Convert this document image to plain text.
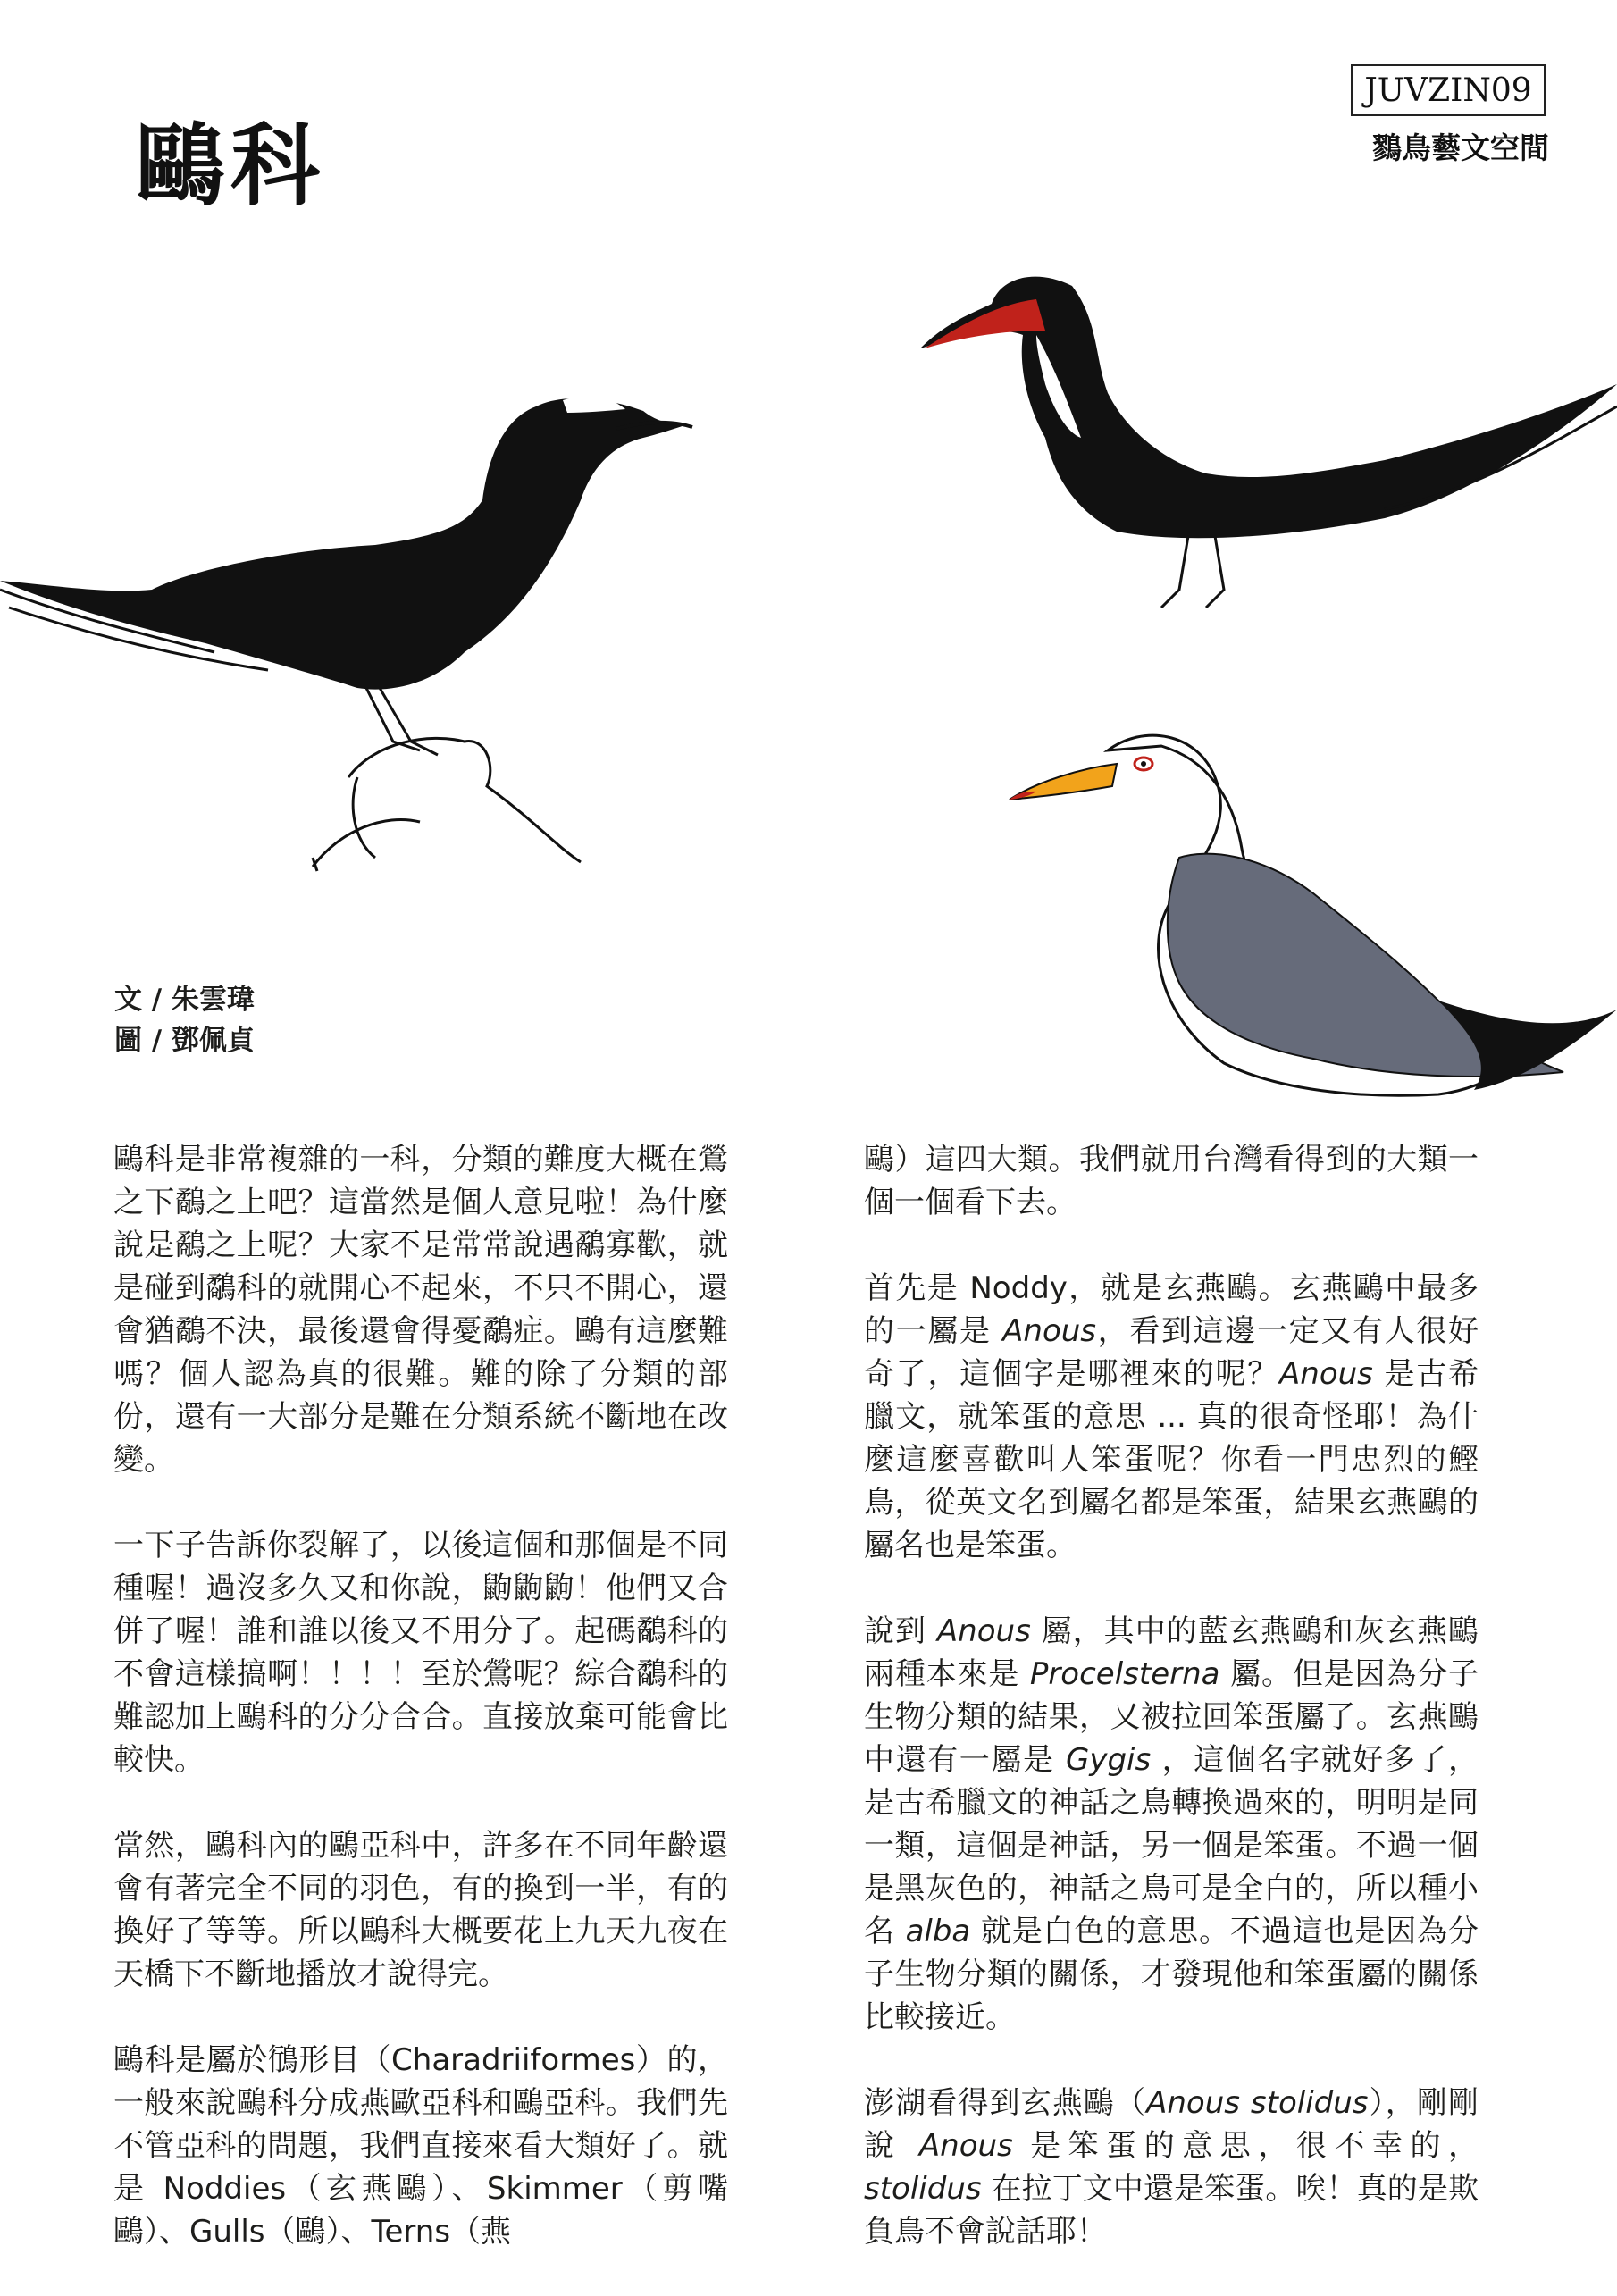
鷗科
JUVZIN09
鷚鳥藝文空間
文 / 朱雲瑋
圖 / 鄧佩貞

鷗科是非常複雜的一科，分類的難度大概在鶯之下鷸之上吧？這當然是個人意見啦！為什麼說是鷸之上呢？大家不是常常說遇鷸寡歡，就是碰到鷸科的就開心不起來，不只不開心，還會猶鷸不決，最後還會得憂鷸症。鷗有這麼難嗎？個人認為真的很難。難的除了分類的部份，還有一大部分是難在分類系統不斷地在改變。

一下子告訴你裂解了，以後這個和那個是不同種喔！過沒多久又和你說，鼩鼩鼩！他們又合併了喔！誰和誰以後又不用分了。起碼鷸科的不會這樣搞啊！！！！至於鶯呢？綜合鷸科的難認加上鷗科的分分合合。直接放棄可能會比較快。

當然，鷗科內的鷗亞科中，許多在不同年齡還會有著完全不同的羽色，有的換到一半，有的換好了等等。所以鷗科大概要花上九天九夜在天橋下不斷地播放才說得完。

鷗科是屬於鴴形目（Charadriiformes）的，一般來說鷗科分成燕歐亞科和鷗亞科。我們先不管亞科的問題，我們直接來看大類好了。就是 Noddies（玄燕鷗）、Skimmer（剪嘴鷗）、Gulls（鷗）、Terns（燕

鷗）這四大類。我們就用台灣看得到的大類一個一個看下去。

首先是 Noddy，就是玄燕鷗。玄燕鷗中最多的一屬是 Anous，看到這邊一定又有人很好奇了，這個字是哪裡來的呢？Anous 是古希臘文，就笨蛋的意思 ... 真的很奇怪耶！為什麼這麼喜歡叫人笨蛋呢？你看一門忠烈的鰹鳥，從英文名到屬名都是笨蛋，結果玄燕鷗的屬名也是笨蛋。

說到 Anous 屬，其中的藍玄燕鷗和灰玄燕鷗兩種本來是 Procelsterna 屬。但是因為分子生物分類的結果，又被拉回笨蛋屬了。玄燕鷗中還有一屬是 Gygis ，這個名字就好多了，是古希臘文的神話之鳥轉換過來的，明明是同一類，這個是神話，另一個是笨蛋。不過一個是黑灰色的，神話之鳥可是全白的，所以種小名 alba 就是白色的意思。不過這也是因為分子生物分類的關係，才發現他和笨蛋屬的關係比較接近。

澎湖看得到玄燕鷗（Anous stolidus），剛剛說 Anous 是笨蛋的意思，很不幸的，stolidus 在拉丁文中還是笨蛋。唉！真的是欺負鳥不會說話耶！
